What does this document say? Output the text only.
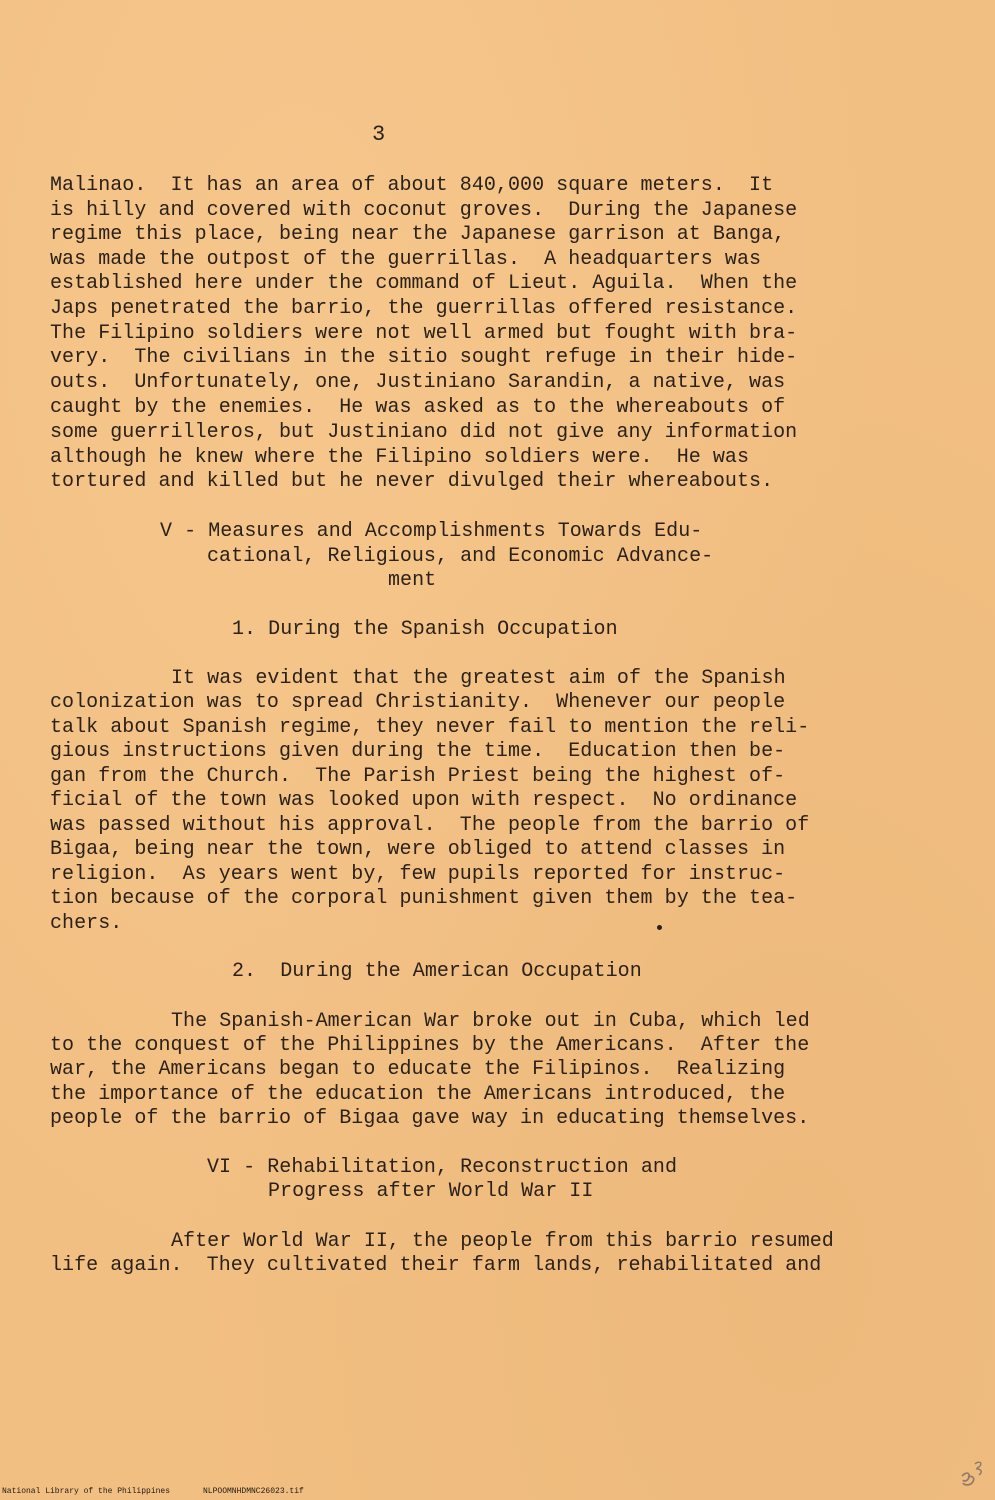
3
Malinao.  It has an area of about 840,000 square meters.  It
is hilly and covered with coconut groves.  During the Japanese
regime this place, being near the Japanese garrison at Banga,
was made the outpost of the guerrillas.  A headquarters was
established here under the command of Lieut. Aguila.  When the
Japs penetrated the barrio, the guerrillas offered resistance.
The Filipino soldiers were not well armed but fought with bra-
very.  The civilians in the sitio sought refuge in their hide-
outs.  Unfortunately, one, Justiniano Sarandin, a native, was
caught by the enemies.  He was asked as to the whereabouts of
some guerrilleros, but Justiniano did not give any information
although he knew where the Filipino soldiers were.  He was
tortured and killed but he never divulged their whereabouts.
V - Measures and Accomplishments Towards Edu-
cational, Religious, and Economic Advance-
ment
1. During the Spanish Occupation
It was evident that the greatest aim of the Spanish
colonization was to spread Christianity.  Whenever our people
talk about Spanish regime, they never fail to mention the reli-
gious instructions given during the time.  Education then be-
gan from the Church.  The Parish Priest being the highest of-
ficial of the town was looked upon with respect.  No ordinance
was passed without his approval.  The people from the barrio of
Bigaa, being near the town, were obliged to attend classes in
religion.  As years went by, few pupils reported for instruc-
tion because of the corporal punishment given them by the tea-
chers.
2.  During the American Occupation
The Spanish-American War broke out in Cuba, which led
to the conquest of the Philippines by the Americans.  After the
war, the Americans began to educate the Filipinos.  Realizing
the importance of the education the Americans introduced, the
people of the barrio of Bigaa gave way in educating themselves.
VI - Rehabilitation, Reconstruction and
Progress after World War II
After World War II, the people from this barrio resumed
life again.  They cultivated their farm lands, rehabilitated and
National Library of the Philippines	NLPOOMNHDMNC26023.tif
